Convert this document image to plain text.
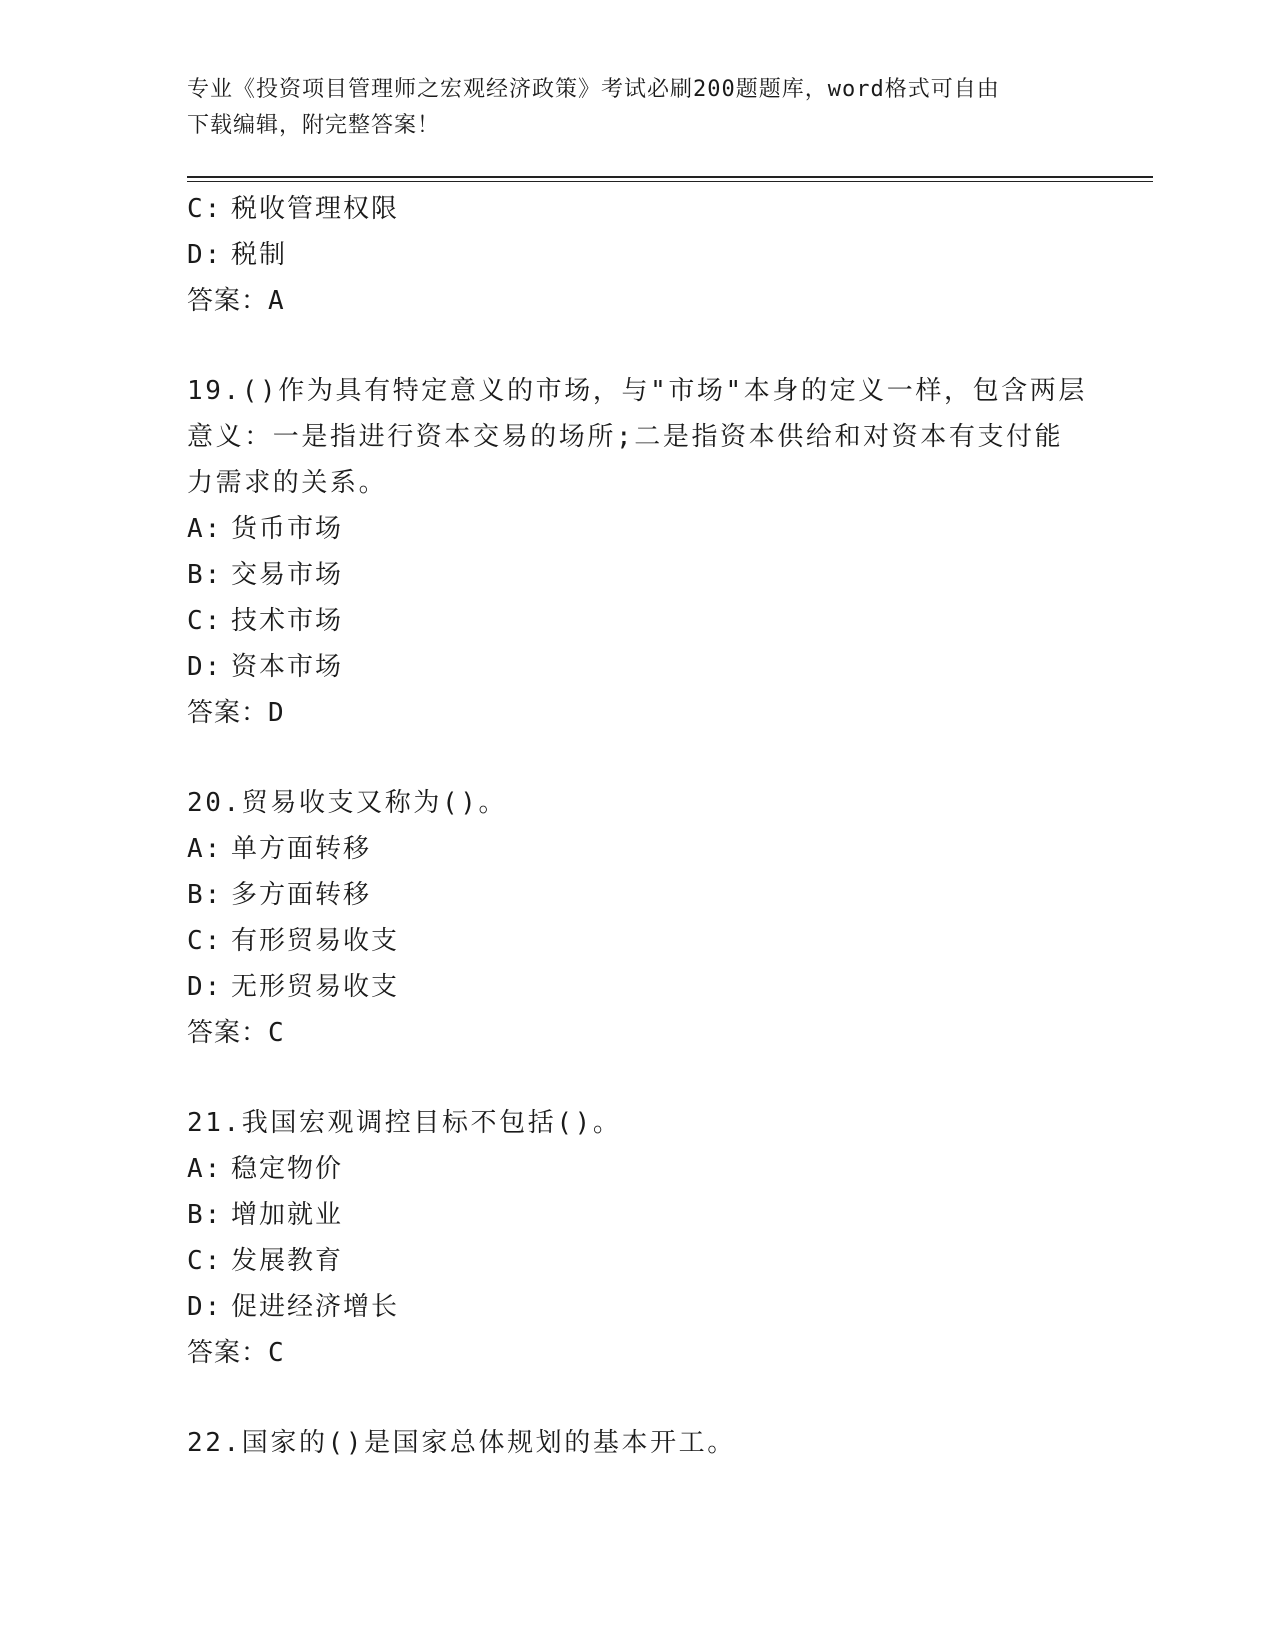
专业《投资项目管理师之宏观经济政策》考试必刷200题题库，word格式可自由
下载编辑，附完整答案！
C: 税收管理权限
D: 税制
答案：A
19.()作为具有特定意义的市场，与"市场"本身的定义一样，包含两层意义：一是指进行资本交易的场所;二是指资本供给和对资本有支付能力需求的关系。
A: 货币市场
B: 交易市场
C: 技术市场
D: 资本市场
答案：D
20.贸易收支又称为()。
A: 单方面转移
B: 多方面转移
C: 有形贸易收支
D: 无形贸易收支
答案：C
21.我国宏观调控目标不包括()。
A: 稳定物价
B: 增加就业
C: 发展教育
D: 促进经济增长
答案：C
22.国家的()是国家总体规划的基本开工。
